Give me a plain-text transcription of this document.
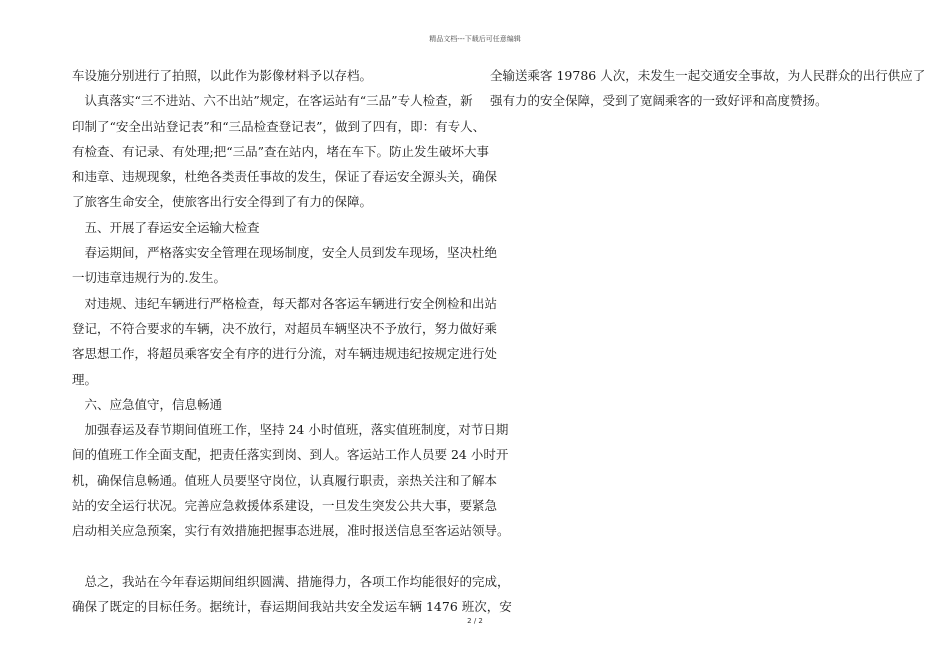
精品文档---下载后可任意编辑

车设施分别进行了拍照，以此作为影像材料予以存档。

　认真落实“三不进站、六不出站”规定，在客运站有“三品”专人检查，新

印制了“安全出站登记表”和“三品检查登记表”，做到了四有，即：有专人、

有检查、有记录、有处理;把“三品”查在站内，堵在车下。防止发生破坏大事

和违章、违规现象，杜绝各类责任事故的发生，保证了春运安全源头关，确保

了旅客生命安全，使旅客出行安全得到了有力的保障。

　五、开展了春运安全运输大检查

　春运期间，严格落实安全管理在现场制度，安全人员到发车现场，坚决杜绝

一切违章违规行为的.发生。

　对违规、违纪车辆进行严格检查，每天都对各客运车辆进行安全例检和出站

登记，不符合要求的车辆，决不放行，对超员车辆坚决不予放行，努力做好乘

客思想工作，将超员乘客安全有序的进行分流，对车辆违规违纪按规定进行处

理。

　六、应急值守，信息畅通

　加强春运及春节期间值班工作，坚持 24 小时值班，落实值班制度，对节日期

间的值班工作全面支配，把责任落实到岗、到人。客运站工作人员要 24 小时开

机，确保信息畅通。值班人员要坚守岗位，认真履行职责，亲热关注和了解本

站的安全运行状况。完善应急救援体系建设，一旦发生突发公共大事，要紧急

启动相关应急预案，实行有效措施把握事态进展，准时报送信息至客运站领导。

　总之，我站在今年春运期间组织圆满、措施得力，各项工作均能很好的完成，

确保了既定的目标任务。据统计，春运期间我站共安全发运车辆 1476 班次，安

全输送乘客 19786 人次，未发生一起交通安全事故，为人民群众的出行供应了

强有力的安全保障，受到了宽阔乘客的一致好评和高度赞扬。

2 / 2
